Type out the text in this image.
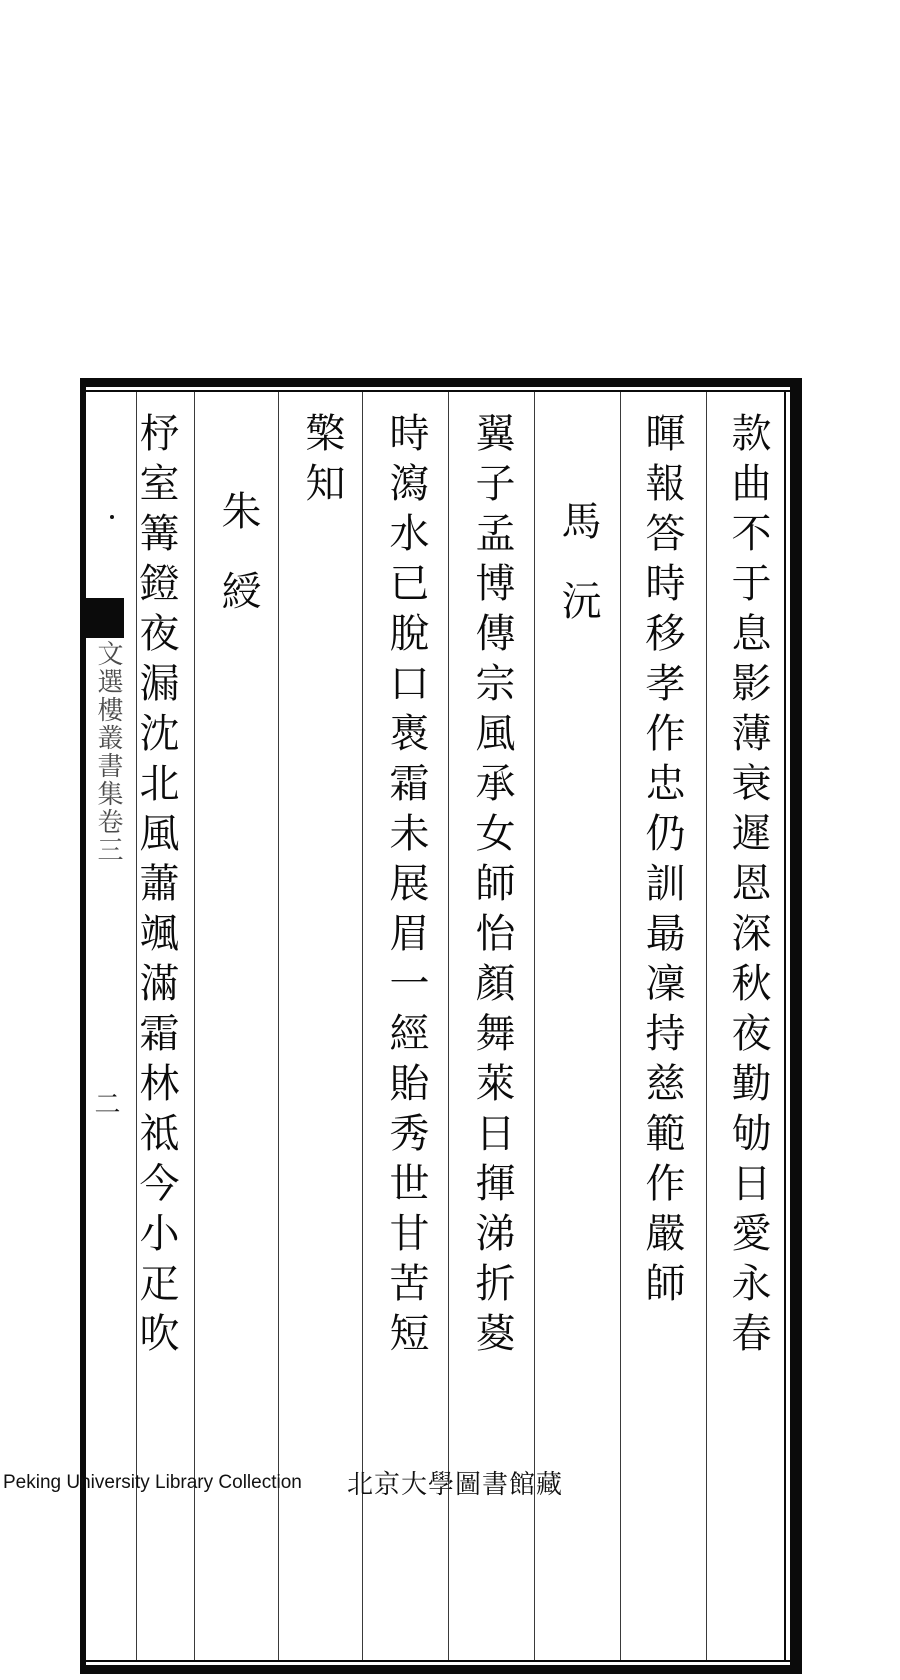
文選樓叢書集卷三
二	款曲不于息影薄衰遲恩深秋夜勤劬日愛永春
暉報答時移孝作忠仍訓朂凜持慈範作嚴師
馬　沅
翼子孟博傳宗風承女師怡顏舞萊日揮涕折葼
時瀉水已脫口褭霜未展眉一經貽秀世甘苦短
檠知
朱　綬
杼室篝鐙夜漏沈北風蕭颯滿霜林祗今小疋吹
Peking University Library Collection 北京大學圖書館藏
